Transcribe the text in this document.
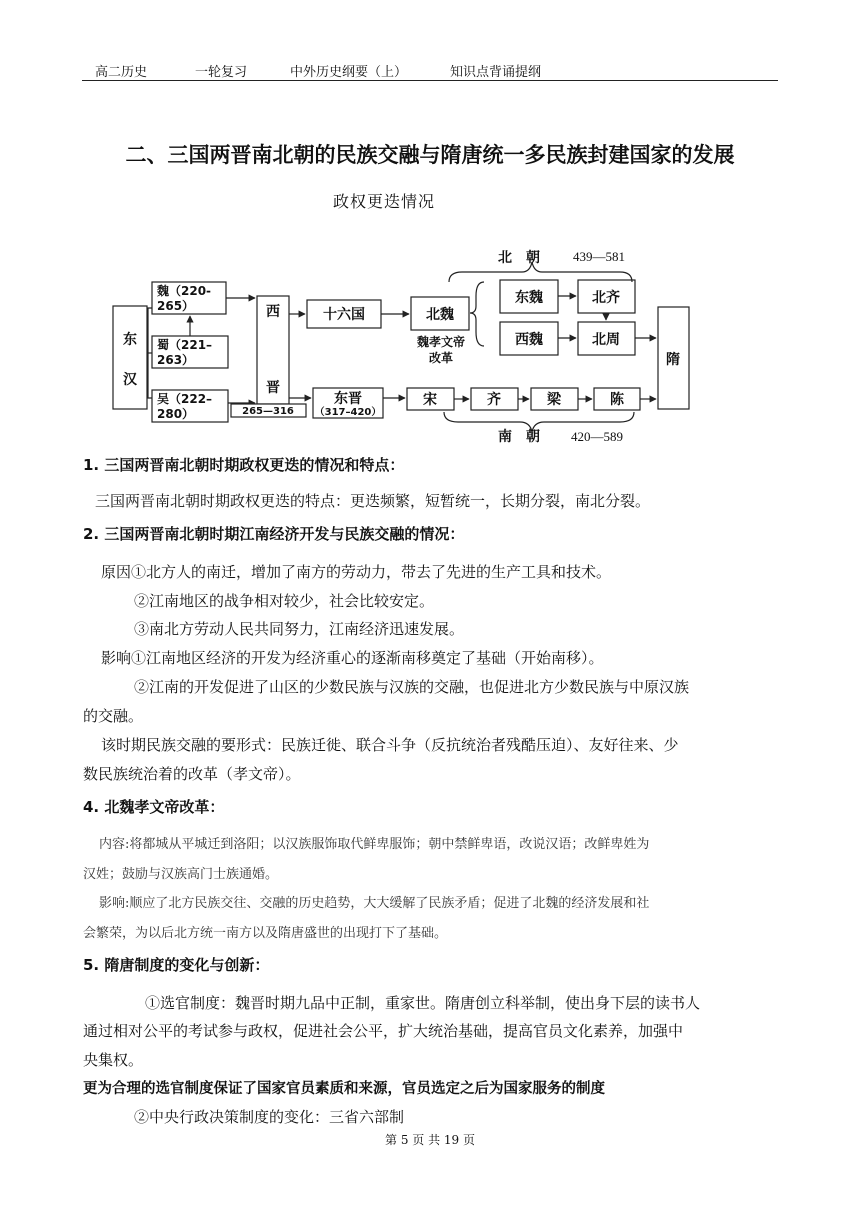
高二历史	一轮复习	中外历史纲要（上）	知识点背诵提纲
二、三国两晋南北朝的民族交融与隋唐统一多民族封建国家的发展
政权更迭情况
东
汉
魏（220-
265）
蜀（221–
263）
吴（222–
280）
西
晋
265—316
十六国	北魏
魏孝文帝
改革
东魏	北齐
西魏	北周
隋
东晋
（317–420）
宋	齐	梁	陈
北　朝	439—581
南　朝 420—589
1. 三国两晋南北朝时期政权更迭的情况和特点：
三国两晋南北朝时期政权更迭的特点：更迭频繁，短暂统一，长期分裂，南北分裂。
2. 三国两晋南北朝时期江南经济开发与民族交融的情况：
原因①北方人的南迁，增加了南方的劳动力，带去了先进的生产工具和技术。
②江南地区的战争相对较少，社会比较安定。
③南北方劳动人民共同努力，江南经济迅速发展。
影响①江南地区经济的开发为经济重心的逐渐南移奠定了基础（开始南移）。
②江南的开发促进了山区的少数民族与汉族的交融，也促进北方少数民族与中原汉族
的交融。
该时期民族交融的要形式：民族迁徙、联合斗争（反抗统治者残酷压迫）、友好往来、少
数民族统治着的改革（孝文帝）。
4. 北魏孝文帝改革：
内容:将都城从平城迁到洛阳；以汉族服饰取代鲜卑服饰；朝中禁鲜卑语，改说汉语；改鲜卑姓为
汉姓；鼓励与汉族高门士族通婚。
影响:顺应了北方民族交往、交融的历史趋势，大大缓解了民族矛盾；促进了北魏的经济发展和社
会繁荣，为以后北方统一南方以及隋唐盛世的出现打下了基础。
5. 隋唐制度的变化与创新：
①选官制度：魏晋时期九品中正制，重家世。隋唐创立科举制，使出身下层的读书人
通过相对公平的考试参与政权，促进社会公平，扩大统治基础，提高官员文化素养，加强中
央集权。
更为合理的选官制度保证了国家官员素质和来源，官员选定之后为国家服务的制度
②中央行政决策制度的变化：三省六部制
第 5 页 共 19 页
